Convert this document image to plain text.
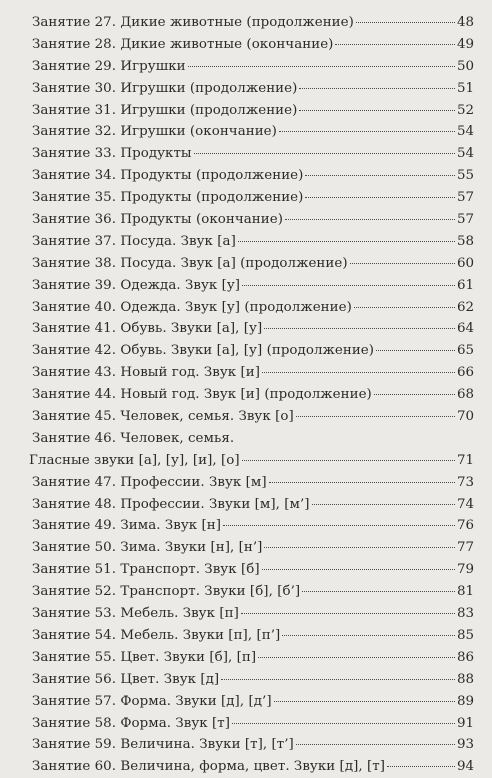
Занятие 27. Дикие животные (продолжение)	48
Занятие 28. Дикие животные (окончание)	49
Занятие 29. Игрушки	50
Занятие 30. Игрушки (продолжение)	51
Занятие 31. Игрушки (продолжение)	52
Занятие 32. Игрушки (окончание)	54
Занятие 33. Продукты	54
Занятие 34. Продукты (продолжение)	55
Занятие 35. Продукты (продолжение)	57
Занятие 36. Продукты (окончание)	57
Занятие 37. Посуда. Звук [а]	58
Занятие 38. Посуда. Звук [а] (продолжение)	60
Занятие 39. Одежда. Звук [у]	61
Занятие 40. Одежда. Звук [у] (продолжение)	62
Занятие 41. Обувь. Звуки [а], [у]	64
Занятие 42. Обувь. Звуки [а], [у] (продолжение)	65
Занятие 43. Новый год. Звук [и]	66
Занятие 44. Новый год. Звук [и] (продолжение)	68
Занятие 45. Человек, семья. Звук [о]	70
Занятие 46. Человек, семья.
Гласные звуки [а], [у], [и], [о]	71
Занятие 47. Профессии. Звук [м]	73
Занятие 48. Профессии. Звуки [м], [м’]	74
Занятие 49. Зима. Звук [н]	76
Занятие 50. Зима. Звуки [н], [н’]	77
Занятие 51. Транспорт. Звук [б]	79
Занятие 52. Транспорт. Звуки [б], [б’]	81
Занятие 53. Мебель. Звук [п]	83
Занятие 54. Мебель. Звуки [п], [п’]	85
Занятие 55. Цвет. Звуки [б], [п]	86
Занятие 56. Цвет. Звук [д]	88
Занятие 57. Форма. Звуки [д], [д’]	89
Занятие 58. Форма. Звук [т]	91
Занятие 59. Величина. Звуки [т], [т’]	93
Занятие 60. Величина, форма, цвет. Звуки [д], [т]	94
